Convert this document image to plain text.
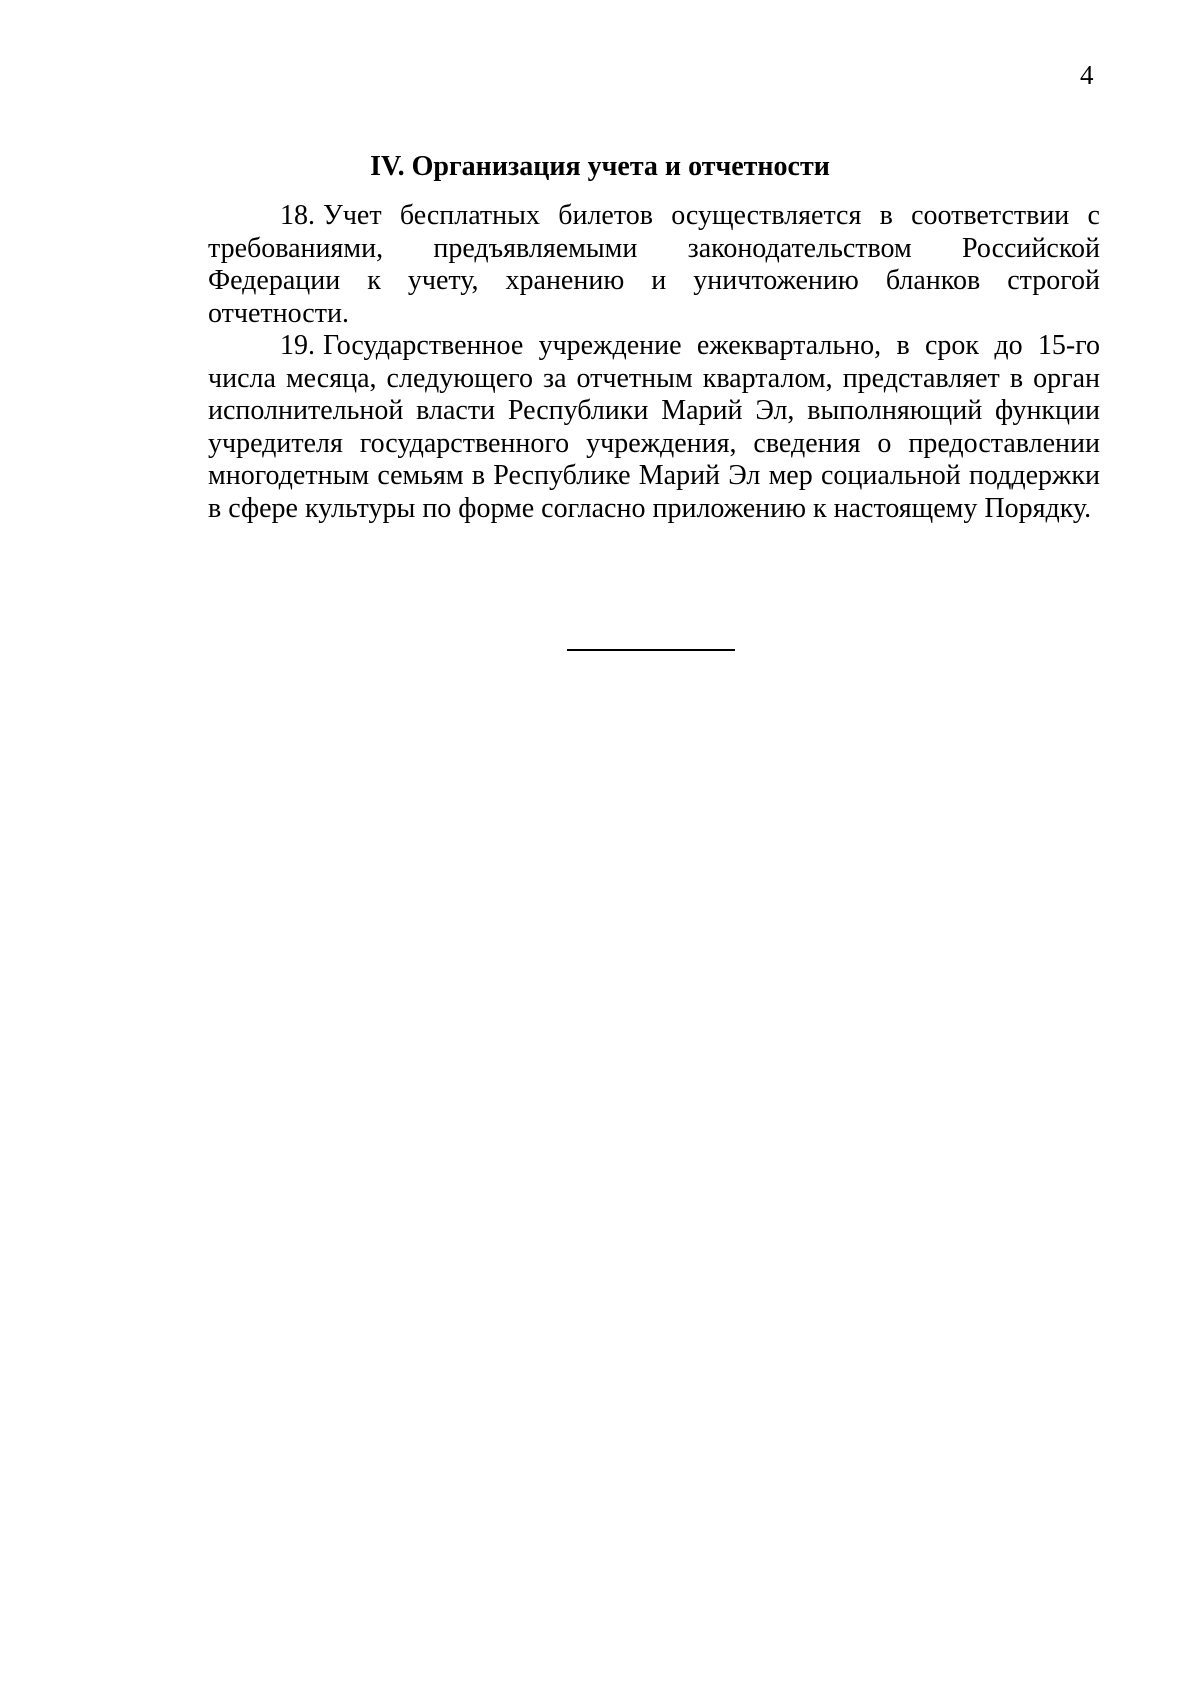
4
IV. Организация учета и отчетности

18. Учет бесплатных билетов осуществляется в соответствии с требованиями, предъявляемыми законодательством Российской Федерации к учету, хранению и уничтожению бланков строгой отчетности.

19. Государственное учреждение ежеквартально, в срок до 15-го числа месяца, следующего за отчетным кварталом, представляет в орган исполнительной власти Республики Марий Эл, выполняющий функции учредителя государственного учреждения, сведения о предоставлении многодетным семьям в Республике Марий Эл мер социальной поддержки в сфере культуры по форме согласно приложению к настоящему Порядку.
